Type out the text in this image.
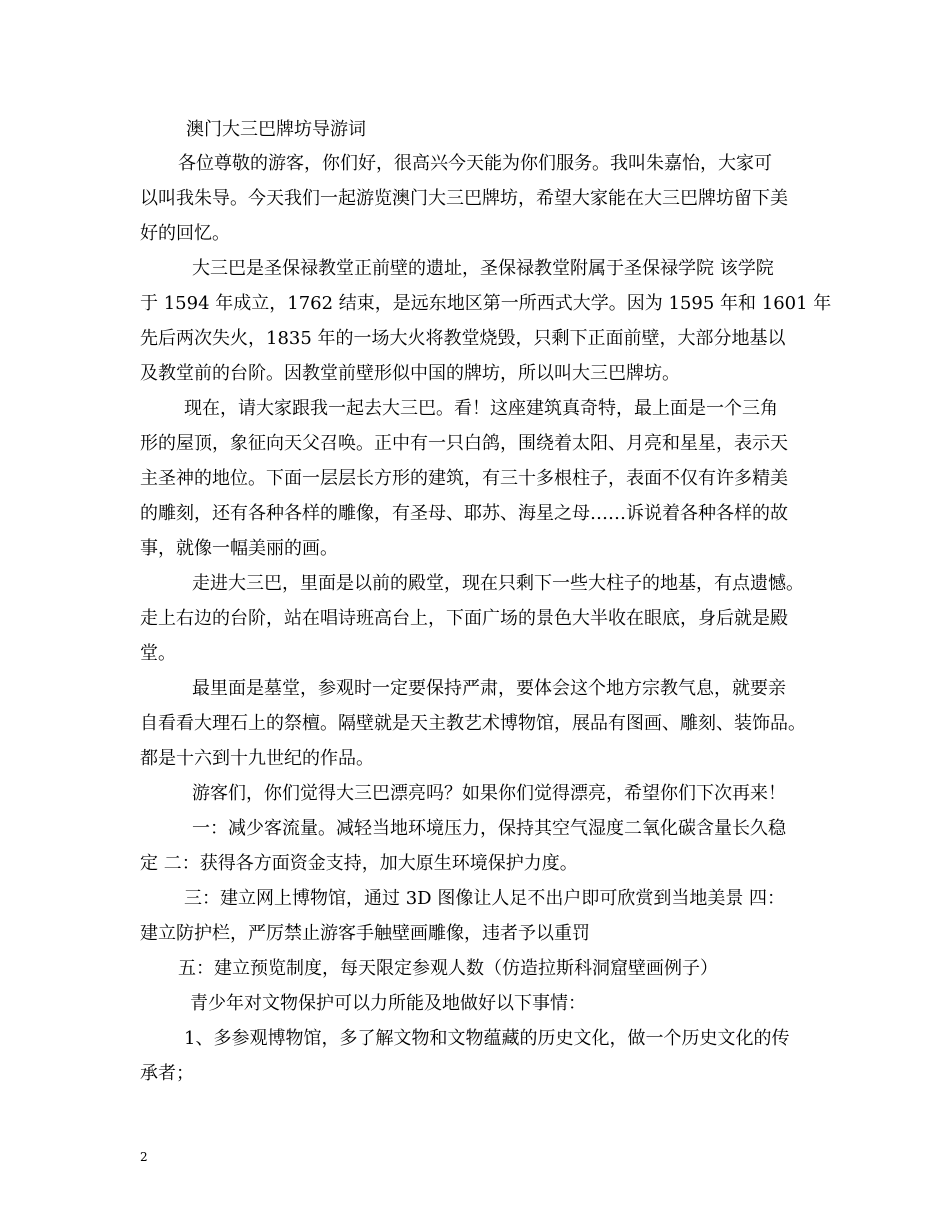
澳门大三巴牌坊导游词
各位尊敬的游客，你们好，很高兴今天能为你们服务。我叫朱嘉怡，大家可
以叫我朱导。今天我们一起游览澳门大三巴牌坊，希望大家能在大三巴牌坊留下美
好的回忆。
大三巴是圣保禄教堂正前壁的遗址，圣保禄教堂附属于圣保禄学院 该学院
于 1594 年成立，1762 结束，是远东地区第一所西式大学。因为 1595 年和 1601 年
先后两次失火，1835 年的一场大火将教堂烧毁，只剩下正面前壁，大部分地基以
及教堂前的台阶。因教堂前壁形似中国的牌坊，所以叫大三巴牌坊。
现在，请大家跟我一起去大三巴。看！这座建筑真奇特，最上面是一个三角
形的屋顶，象征向天父召唤。正中有一只白鸽，围绕着太阳、月亮和星星，表示天
主圣神的地位。下面一层层长方形的建筑，有三十多根柱子，表面不仅有许多精美
的雕刻，还有各种各样的雕像，有圣母、耶苏、海星之母……诉说着各种各样的故
事，就像一幅美丽的画。
走进大三巴，里面是以前的殿堂，现在只剩下一些大柱子的地基，有点遗憾。
走上右边的台阶，站在唱诗班高台上，下面广场的景色大半收在眼底，身后就是殿
堂。
最里面是墓堂，参观时一定要保持严肃，要体会这个地方宗教气息，就要亲
自看看大理石上的祭檀。隔壁就是天主教艺术博物馆，展品有图画、雕刻、装饰品。
都是十六到十九世纪的作品。
游客们，你们觉得大三巴漂亮吗？如果你们觉得漂亮，希望你们下次再来！
一：减少客流量。减轻当地环境压力，保持其空气湿度二氧化碳含量长久稳
定 二：获得各方面资金支持，加大原生环境保护力度。
三：建立网上博物馆，通过 3D 图像让人足不出户即可欣赏到当地美景 四：
建立防护栏，严厉禁止游客手触壁画雕像，违者予以重罚
五：建立预览制度，每天限定参观人数（仿造拉斯科洞窟壁画例子）
青少年对文物保护可以力所能及地做好以下事情：
1、多参观博物馆，多了解文物和文物蕴藏的历史文化，做一个历史文化的传
承者；
2
